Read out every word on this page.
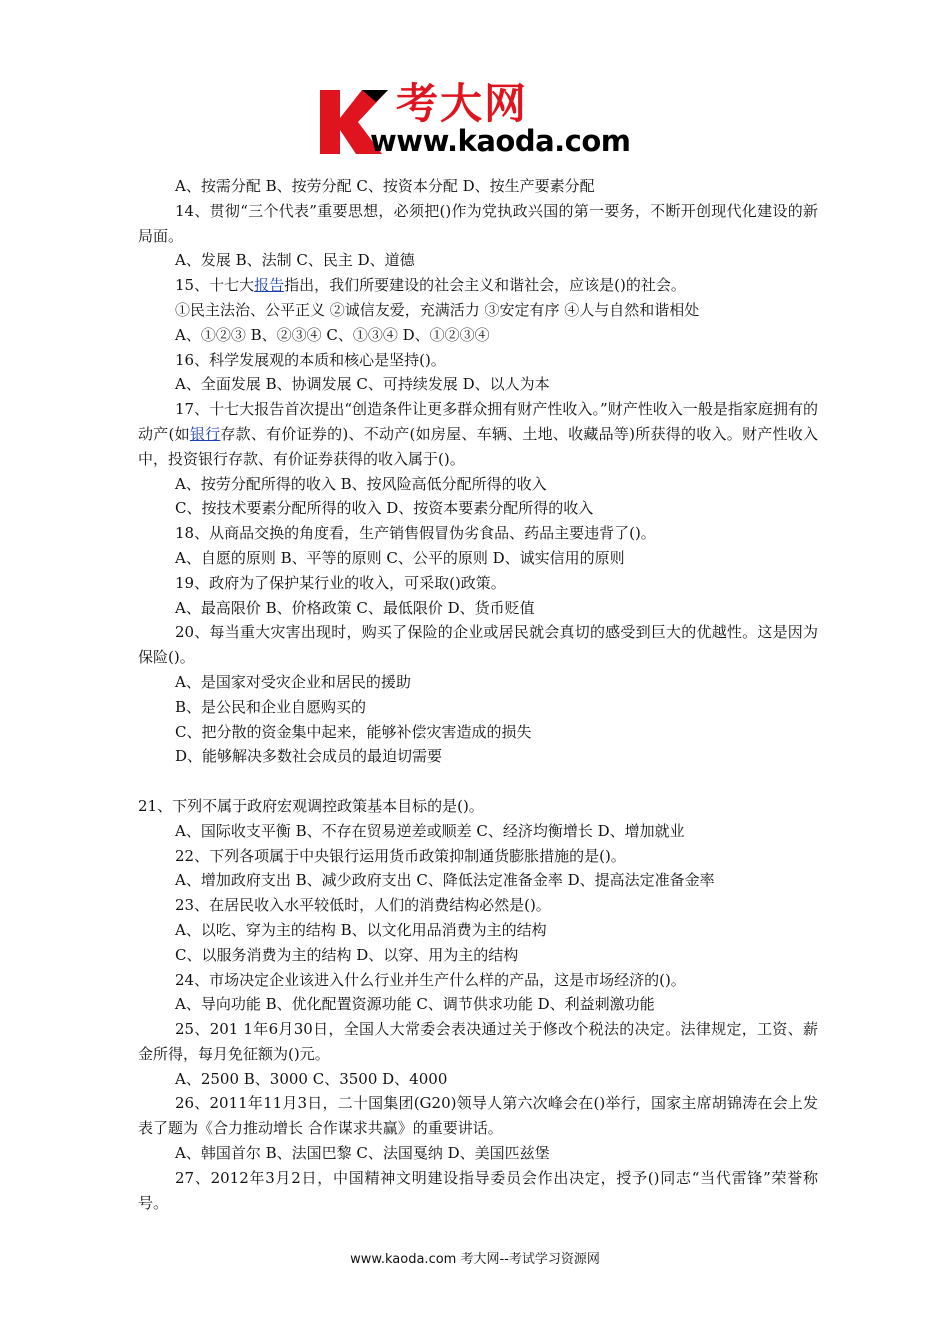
考大网
www.kaoda.com

A、按需分配 B、按劳分配 C、按资本分配 D、按生产要素分配

14、贯彻“三个代表”重要思想，必须把()作为党执政兴国的第一要务，不断开创现代化建设的新局面。

A、发展 B、法制 C、民主 D、道德

15、十七大报告指出，我们所要建设的社会主义和谐社会，应该是()的社会。

①民主法治、公平正义 ②诚信友爱，充满活力 ③安定有序 ④人与自然和谐相处

A、①②③ B、②③④ C、①③④ D、①②③④

16、科学发展观的本质和核心是坚持()。

A、全面发展 B、协调发展 C、可持续发展 D、以人为本

17、十七大报告首次提出“创造条件让更多群众拥有财产性收入。”财产性收入一般是指家庭拥有的动产(如银行存款、有价证券的)、不动产(如房屋、车辆、土地、收藏品等)所获得的收入。财产性收入中，投资银行存款、有价证券获得的收入属于()。

A、按劳分配所得的收入 B、按风险高低分配所得的收入

C、按技术要素分配所得的收入 D、按资本要素分配所得的收入

18、从商品交换的角度看，生产销售假冒伪劣食品、药品主要违背了()。

A、自愿的原则 B、平等的原则 C、公平的原则 D、诚实信用的原则

19、政府为了保护某行业的收入，可采取()政策。

A、最高限价 B、价格政策 C、最低限价 D、货币贬值

20、每当重大灾害出现时，购买了保险的企业或居民就会真切的感受到巨大的优越性。这是因为保险()。

A、是国家对受灾企业和居民的援助

B、是公民和企业自愿购买的

C、把分散的资金集中起来，能够补偿灾害造成的损失

D、能够解决多数社会成员的最迫切需要

21、下列不属于政府宏观调控政策基本目标的是()。

A、国际收支平衡 B、不存在贸易逆差或顺差 C、经济均衡增长 D、增加就业

22、下列各项属于中央银行运用货币政策抑制通货膨胀措施的是()。

A、增加政府支出 B、减少政府支出 C、降低法定准备金率 D、提高法定准备金率

23、在居民收入水平较低时，人们的消费结构必然是()。

A、以吃、穿为主的结构 B、以文化用品消费为主的结构

C、以服务消费为主的结构 D、以穿、用为主的结构

24、市场决定企业该进入什么行业并生产什么样的产品，这是市场经济的()。

A、导向功能 B、优化配置资源功能 C、调节供求功能 D、利益刺激功能

25、201 1年6月30日，全国人大常委会表决通过关于修改个税法的决定。法律规定，工资、薪金所得，每月免征额为()元。

A、2500 B、3000 C、3500 D、4000

26、2011年11月3日，二十国集团(G20)领导人第六次峰会在()举行，国家主席胡锦涛在会上发表了题为《合力推动增长 合作谋求共赢》的重要讲话。

A、韩国首尔 B、法国巴黎 C、法国戛纳 D、美国匹兹堡

27、2012年3月2日，中国精神文明建设指导委员会作出决定，授予()同志“当代雷锋”荣誉称号。

www.kaoda.com 考大网--考试学习资源网
